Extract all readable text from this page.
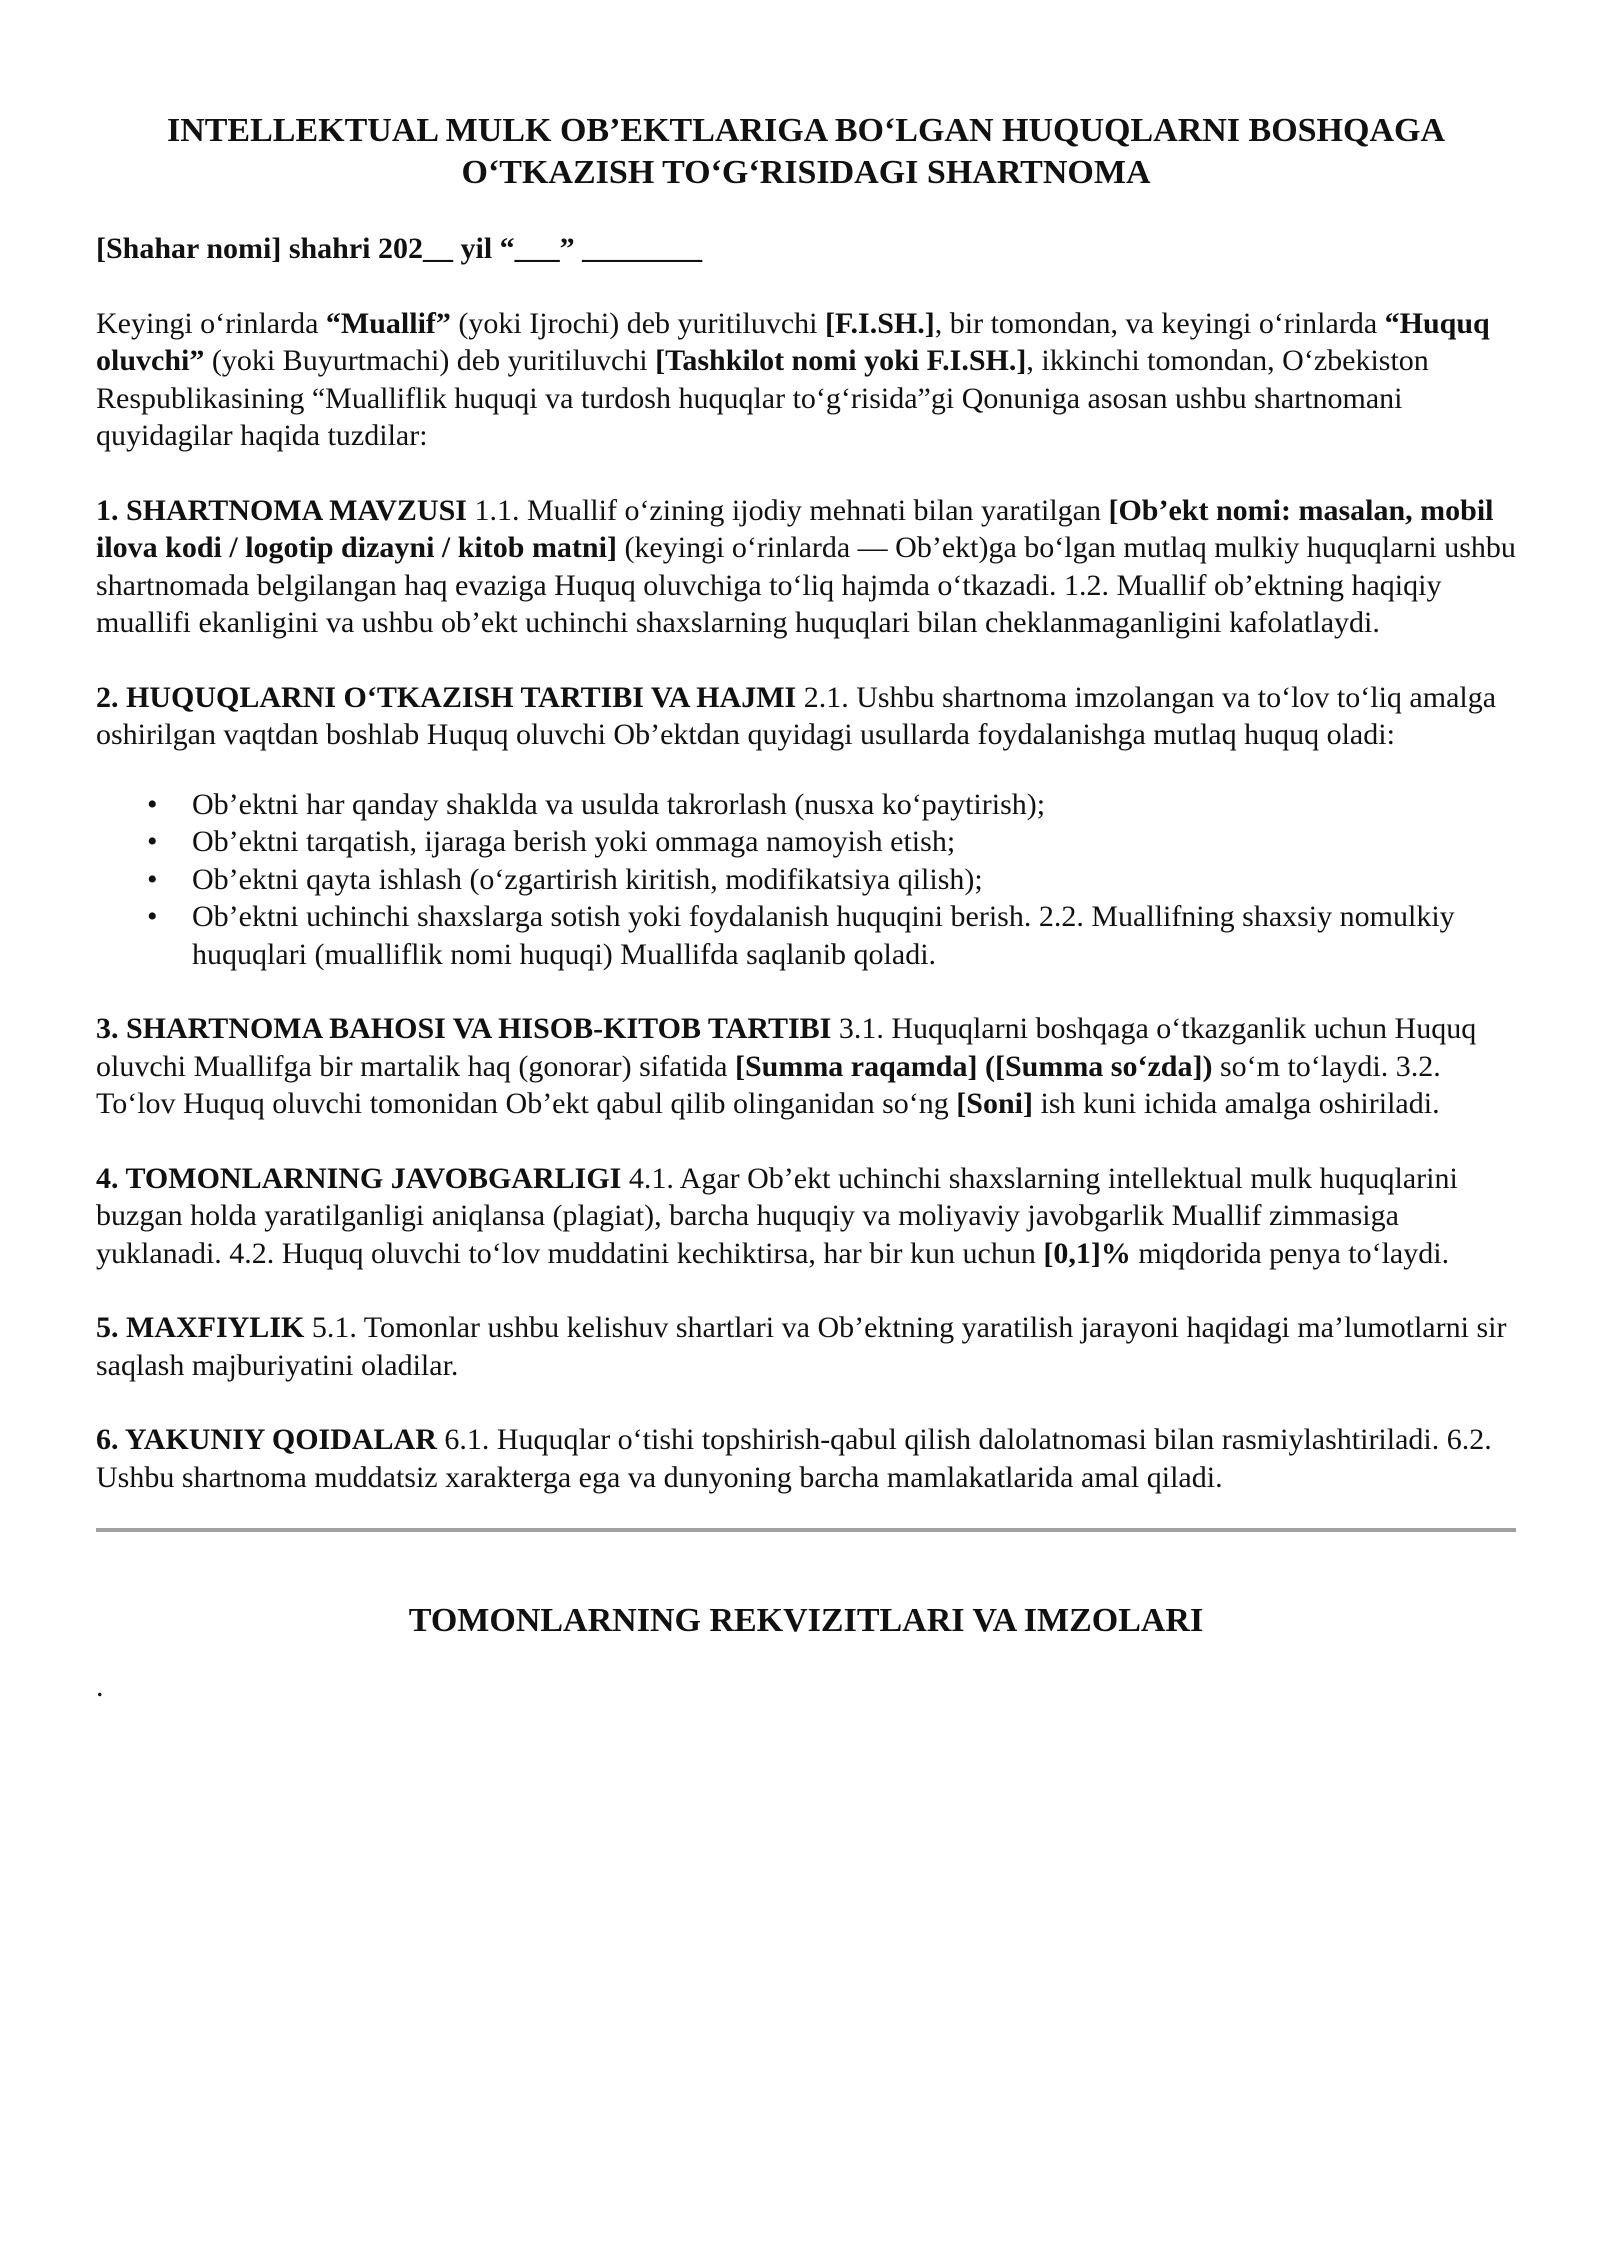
INTELLEKTUAL MULK OB’EKTLARIGA BO‘LGAN HUQUQLARNI BOSHQAGA
O‘TKAZISH TO‘G‘RISIDAGI SHARTNOMA

[Shahar nomi] shahri 202__ yil “___” ________

Keyingi o‘rinlarda “Muallif” (yoki Ijrochi) deb yuritiluvchi [F.I.SH.], bir tomondan, va keyingi o‘rinlarda “Huquq oluvchi” (yoki Buyurtmachi) deb yuritiluvchi [Tashkilot nomi yoki F.I.SH.], ikkinchi tomondan, O‘zbekiston Respublikasining “Mualliflik huquqi va turdosh huquqlar to‘g‘risida”gi Qonuniga asosan ushbu shartnomani quyidagilar haqida tuzdilar:

1. SHARTNOMA MAVZUSI 1.1. Muallif o‘zining ijodiy mehnati bilan yaratilgan [Ob’ekt nomi: masalan, mobil ilova kodi / logotip dizayni / kitob matni] (keyingi o‘rinlarda — Ob’ekt)ga bo‘lgan mutlaq mulkiy huquqlarni ushbu shartnomada belgilangan haq evaziga Huquq oluvchiga to‘liq hajmda o‘tkazadi. 1.2. Muallif ob’ektning haqiqiy muallifi ekanligini va ushbu ob’ekt uchinchi shaxslarning huquqlari bilan cheklanmaganligini kafolatlaydi.

2. HUQUQLARNI O‘TKAZISH TARTIBI VA HAJMI 2.1. Ushbu shartnoma imzolangan va to‘lov to‘liq amalga oshirilgan vaqtdan boshlab Huquq oluvchi Ob’ektdan quyidagi usullarda foydalanishga mutlaq huquq oladi:

• Ob’ektni har qanday shaklda va usulda takrorlash (nusxa ko‘paytirish);
• Ob’ektni tarqatish, ijaraga berish yoki ommaga namoyish etish;
• Ob’ektni qayta ishlash (o‘zgartirish kiritish, modifikatsiya qilish);
• Ob’ektni uchinchi shaxslarga sotish yoki foydalanish huquqini berish. 2.2. Muallifning shaxsiy nomulkiy huquqlari (mualliflik nomi huquqi) Muallifda saqlanib qoladi.

3. SHARTNOMA BAHOSI VA HISOB-KITOB TARTIBI 3.1. Huquqlarni boshqaga o‘tkazganlik uchun Huquq oluvchi Muallifga bir martalik haq (gonorar) sifatida [Summa raqamda] ([Summa so‘zda]) so‘m to‘laydi. 3.2. To‘lov Huquq oluvchi tomonidan Ob’ekt qabul qilib olinganidan so‘ng [Soni] ish kuni ichida amalga oshiriladi.

4. TOMONLARNING JAVOBGARLIGI 4.1. Agar Ob’ekt uchinchi shaxslarning intellektual mulk huquqlarini buzgan holda yaratilganligi aniqlansa (plagiat), barcha huquqiy va moliyaviy javobgarlik Muallif zimmasiga yuklanadi. 4.2. Huquq oluvchi to‘lov muddatini kechiktirsa, har bir kun uchun [0,1]% miqdorida penya to‘laydi.

5. MAXFIYLIK 5.1. Tomonlar ushbu kelishuv shartlari va Ob’ektning yaratilish jarayoni haqidagi ma’lumotlarni sir saqlash majburiyatini oladilar.

6. YAKUNIY QOIDALAR 6.1. Huquqlar o‘tishi topshirish-qabul qilish dalolatnomasi bilan rasmiylashtiriladi. 6.2. Ushbu shartnoma muddatsiz xarakterga ega va dunyoning barcha mamlakatlarida amal qiladi.

TOMONLARNING REKVIZITLARI VA IMZOLARI

.
